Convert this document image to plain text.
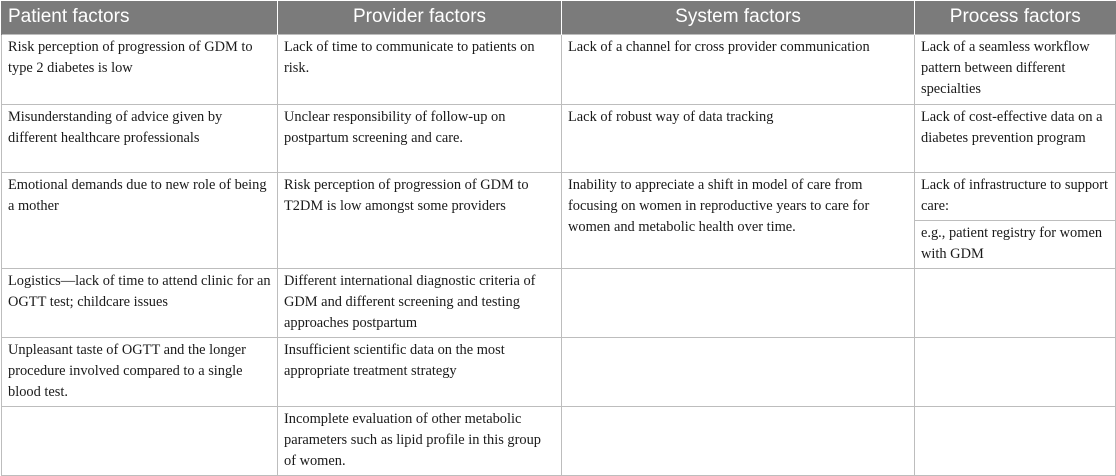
Patient factors	Provider factors	System factors	Process factors
Risk perception of progression of GDM to type 2 diabetes is low	Lack of time to communicate to patients on risk.	Lack of a channel for cross provider communication	Lack of a seamless workflow pattern between different specialties
Misunderstanding of advice given by different healthcare professionals	Unclear responsibility of follow-up on postpartum screening and care.	Lack of robust way of data tracking	Lack of cost-effective data on a diabetes prevention program
Emotional demands due to new role of being a mother	Risk perception of progression of GDM to T2DM is low amongst some providers	Inability to appreciate a shift in model of care from focusing on women in reproductive years to care for women and metabolic health over time.	Lack of infrastructure to support care:
			e.g., patient registry for women with GDM
Logistics—lack of time to attend clinic for an OGTT test; childcare issues	Different international diagnostic criteria of GDM and different screening and testing approaches postpartum		
Unpleasant taste of OGTT and the longer procedure involved compared to a single blood test.	Insufficient scientific data on the most appropriate treatment strategy		
	Incomplete evaluation of other metabolic parameters such as lipid profile in this group of women.		
